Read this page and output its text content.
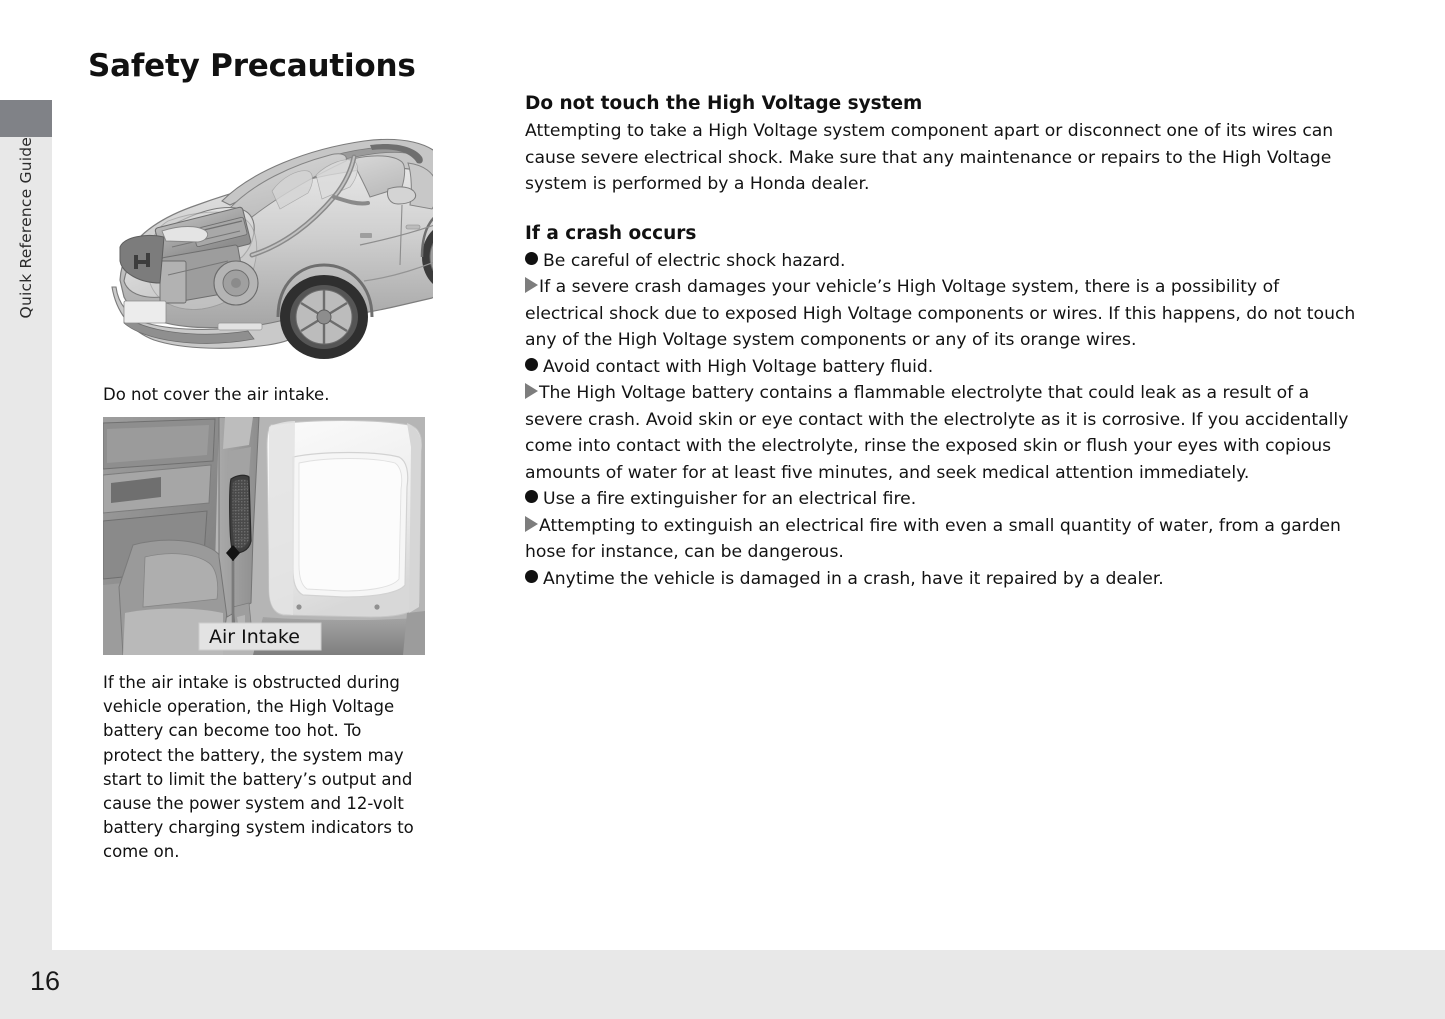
Quick Reference Guide
Safety Precautions
Do not cover the air intake.
Air Intake
If the air intake is obstructed during vehicle operation, the High Voltage battery can become too hot. To protect the battery, the system may start to limit the battery’s output and cause the power system and 12-volt battery charging system indicators to come on.
Do not touch the High Voltage system

Attempting to take a High Voltage system component apart or disconnect one of its wires can cause severe electrical shock. Make sure that any maintenance or repairs to the High Voltage system is performed by a Honda dealer.

If a crash occurs

Be careful of electric shock hazard.

If a severe crash damages your vehicle’s High Voltage system, there is a possibility of electrical shock due to exposed High Voltage components or wires. If this happens, do not touch any of the High Voltage system components or any of its orange wires.

Avoid contact with High Voltage battery fluid.

The High Voltage battery contains a flammable electrolyte that could leak as a result of a severe crash. Avoid skin or eye contact with the electrolyte as it is corrosive. If you accidentally come into contact with the electrolyte, rinse the exposed skin or flush your eyes with copious amounts of water for at least five minutes, and seek medical attention immediately.

Use a fire extinguisher for an electrical fire.

Attempting to extinguish an electrical fire with even a small quantity of water, from a garden hose for instance, can be dangerous.

Anytime the vehicle is damaged in a crash, have it repaired by a dealer.

16
